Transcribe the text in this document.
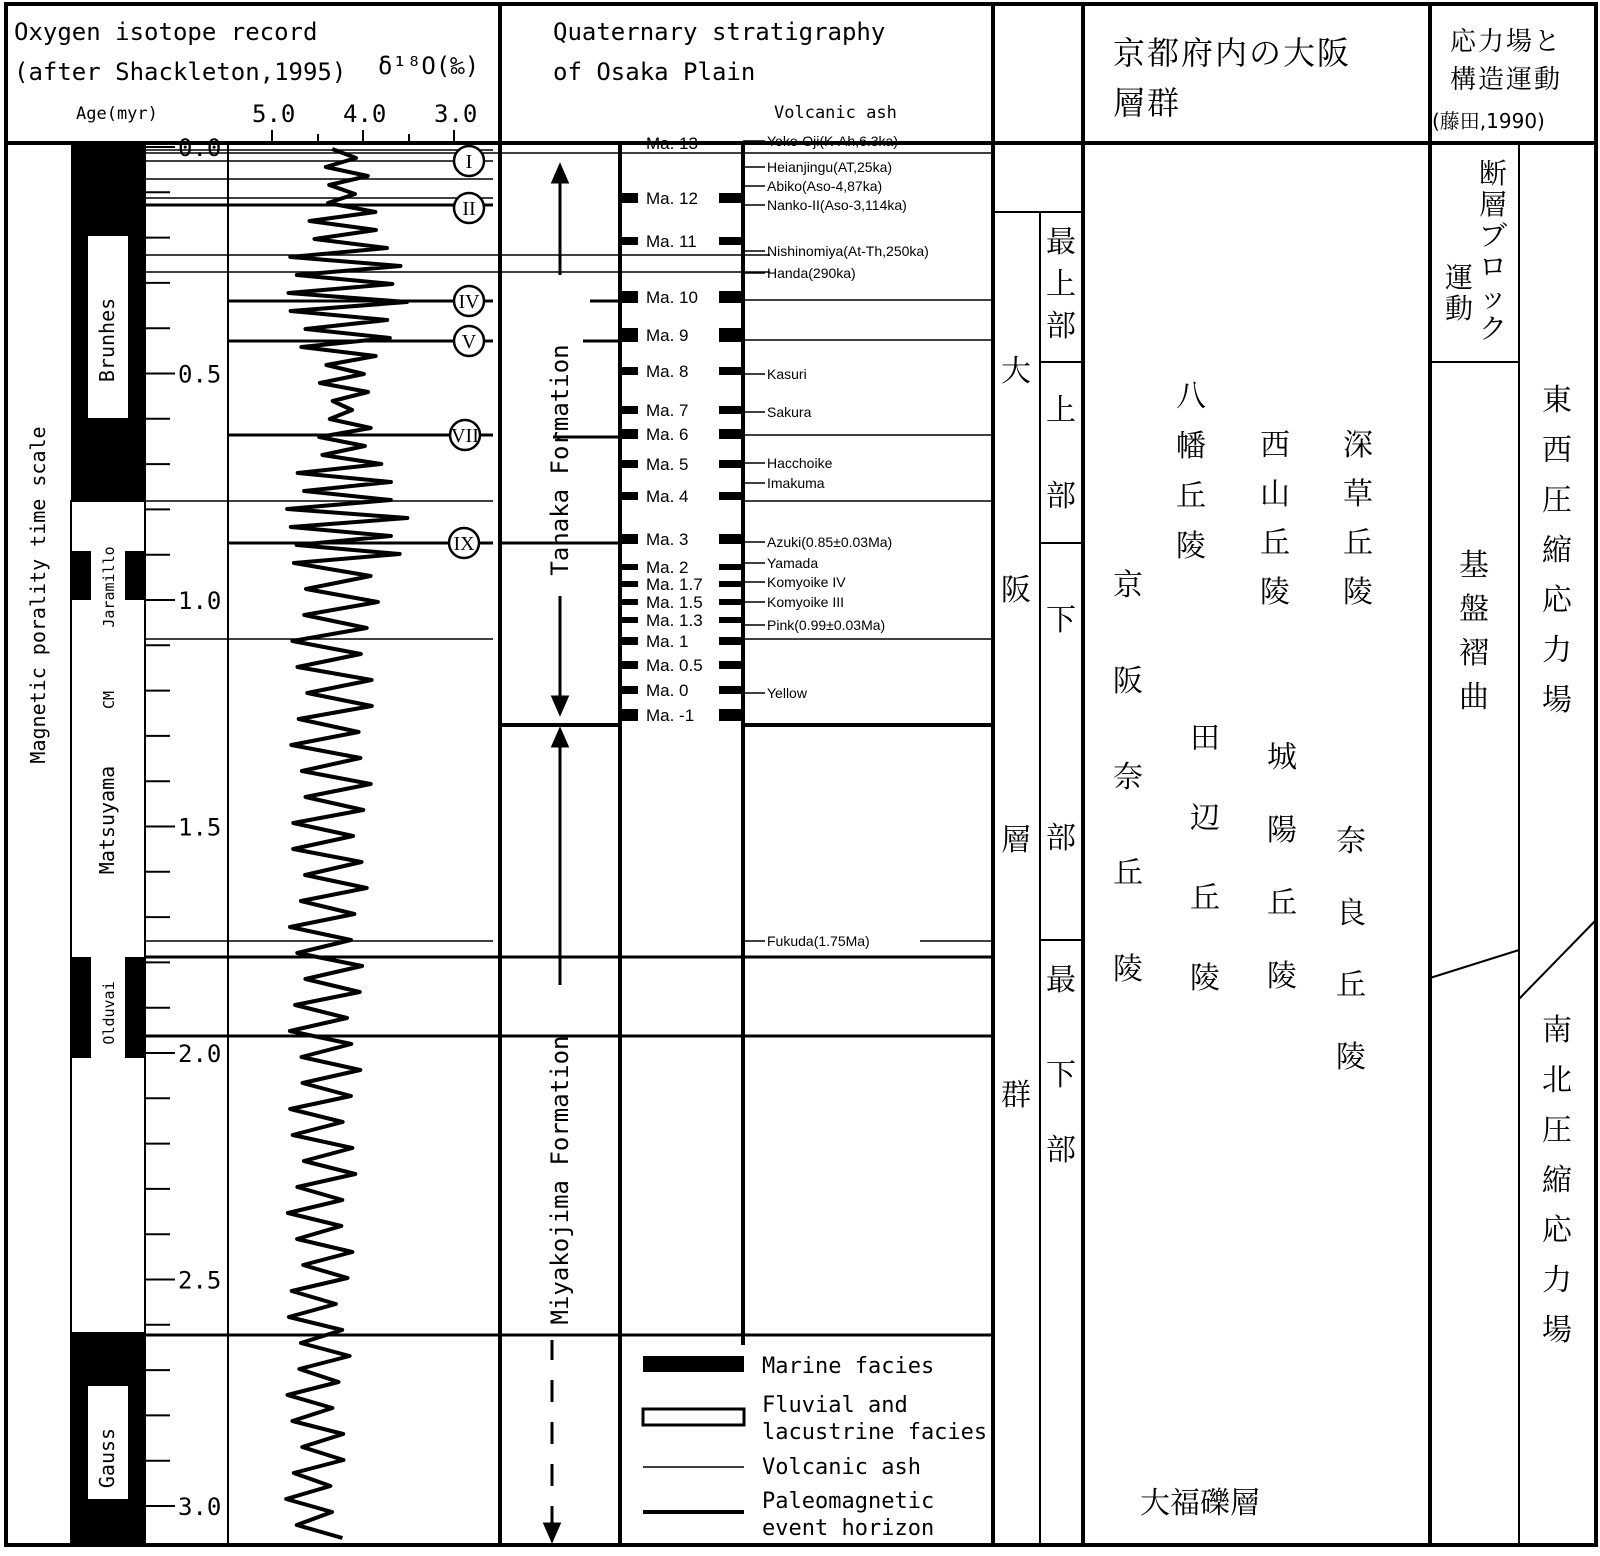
Oxygen isotope record
(after Shackleton,1995) δ¹⁸O(‰)
Age(myr)	5.0 4.0 3.0
Quaternary stratigraphy
of Osaka Plain
Volcanic ash
京都府内の大阪
層群
応力場と
構造運動
(藤田,1990)
Magnetic porality time scale
Brunhes
Matsuyama
Gauss
Jaramillo
CM
Olduvai
0.0
0.5
1.0
1.5
2.0
2.5
3.0
I
II
IV
V
VII
IX
Ma. 13
Ma. 12
Ma. 11
Ma. 10
Ma. 9
Ma. 8
Ma. 7
Ma. 6
Ma. 5
Ma. 4
Ma. 3
Ma. 2
Ma. 1.7
Ma. 1.5
Ma. 1.3
Ma. 1
Ma. 0.5
Ma. 0
Ma. -1
Yoko-Oji(K-Ah,6.3ka)
Heianjingu(AT,25ka)
Abiko(Aso-4,87ka)
Nanko-II(Aso-3,114ka)
Nishinomiya(At-Th,250ka)
Handa(290ka)
Kasuri
Sakura
Hacchoike
Imakuma
Azuki(0.85±0.03Ma)
Yamada
Komyoike IV
Komyoike III
Pink(0.99±0.03Ma)
Yellow
Fukuda(1.75Ma)
Tanaka Formation
Miyakojima Formation
Marine facies
Fluvial and
lacustrine facies
Volcanic ash
Paleomagnetic
event horizon
大
阪
層
群
最
上
部
上
部
下
部
最
下
部
京
阪
奈
丘
陵
八
幡
丘
陵
田
辺
丘
陵
西
山
丘
陵
城
陽
丘
陵
深
草
丘
陵
奈
良
丘
陵
大福礫層
断
層
ブ
ロ
ッ
ク
運
動
基
盤
褶
曲
東
西
圧
縮
応
力
場
南
北
圧
縮
応
力
場
